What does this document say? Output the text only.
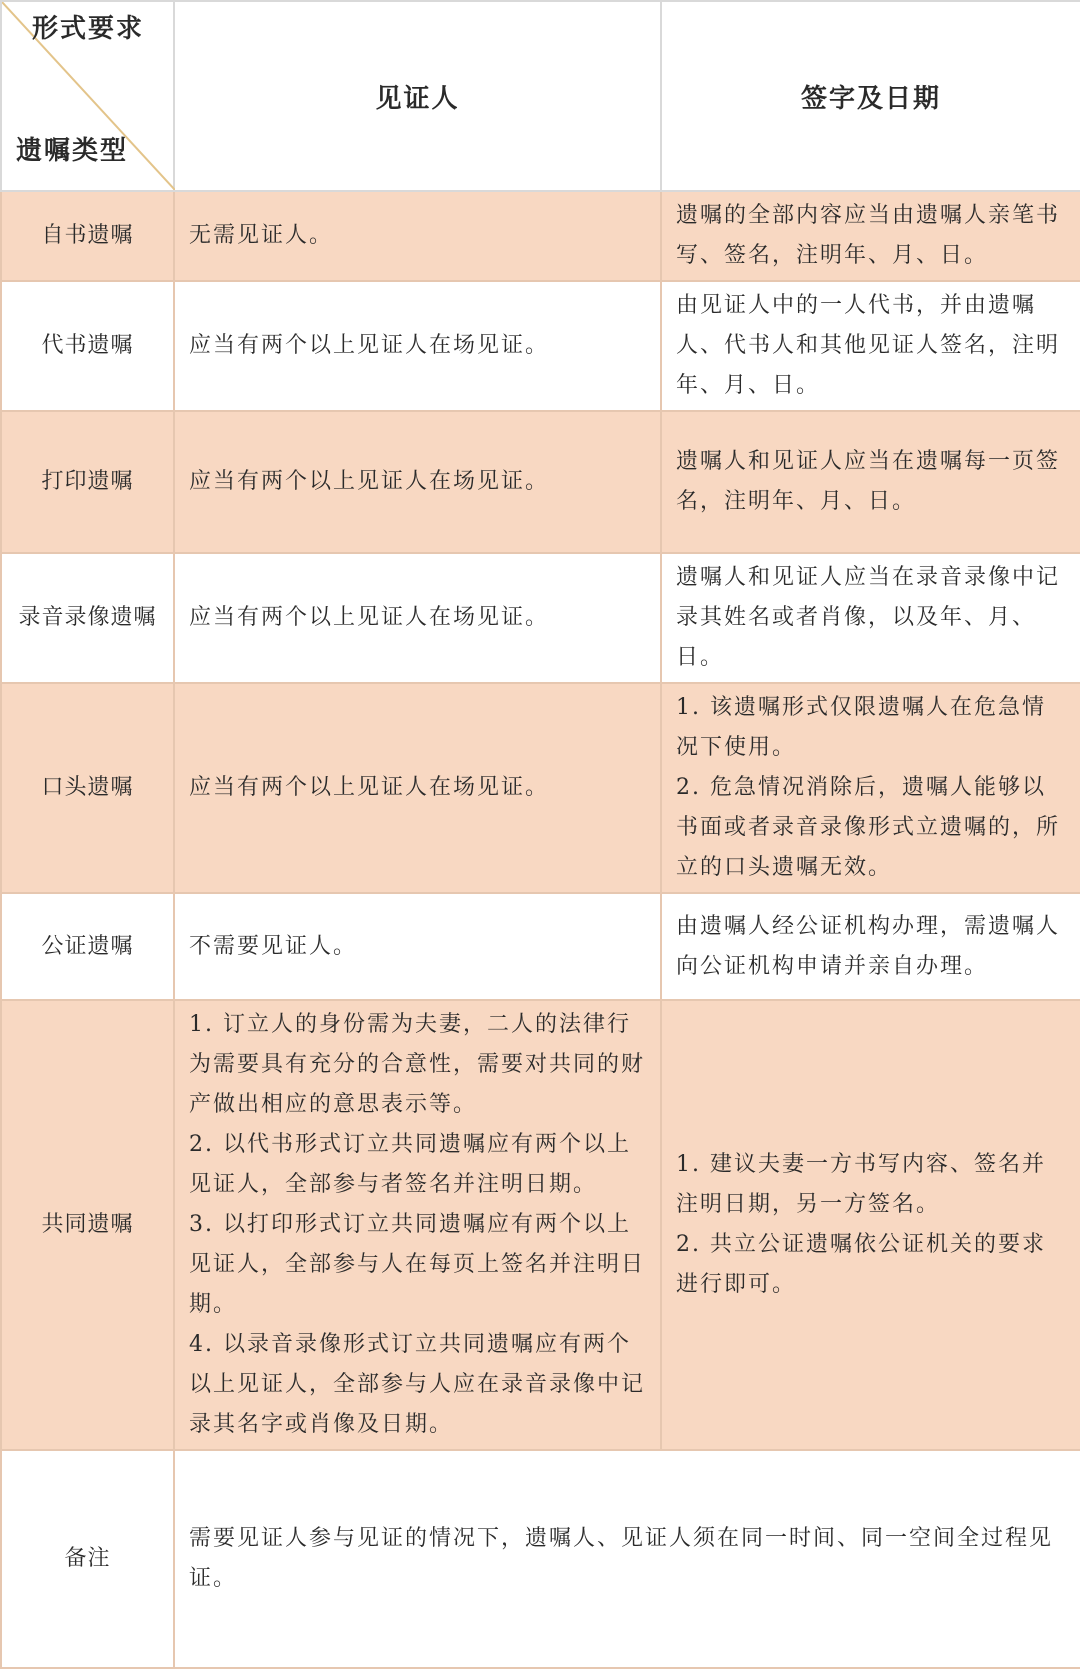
形式要求
遗嘱类型	见证人	签字及日期
自书遗嘱	无需见证人。	遗嘱的全部内容应当由遗嘱人亲笔书写、签名，注明年、月、日。

代书遗嘱	应当有两个以上见证人在场见证。	由见证人中的一人代书，并由遗嘱人、代书人和其他见证人签名，注明年、月、日。

打印遗嘱	应当有两个以上见证人在场见证。	遗嘱人和见证人应当在遗嘱每一页签名，注明年、月、日。

录音录像遗嘱	应当有两个以上见证人在场见证。	遗嘱人和见证人应当在录音录像中记录其姓名或者肖像，以及年、月、日。

口头遗嘱	应当有两个以上见证人在场见证。	1. 该遗嘱形式仅限遗嘱人在危急情况下使用。
2. 危急情况消除后，遗嘱人能够以书面或者录音录像形式立遗嘱的，所立的口头遗嘱无效。

公证遗嘱	不需要见证人。	由遗嘱人经公证机构办理，需遗嘱人向公证机构申请并亲自办理。

共同遗嘱	1. 订立人的身份需为夫妻，二人的法律行为需要具有充分的合意性，需要对共同的财产做出相应的意思表示等。
2. 以代书形式订立共同遗嘱应有两个以上见证人，全部参与者签名并注明日期。
3. 以打印形式订立共同遗嘱应有两个以上见证人，全部参与人在每页上签名并注明日期。
4. 以录音录像形式订立共同遗嘱应有两个以上见证人，全部参与人应在录音录像中记录其名字或肖像及日期。	1. 建议夫妻一方书写内容、签名并注明日期，另一方签名。
2. 共立公证遗嘱依公证机关的要求进行即可。

备注	需要见证人参与见证的情况下，遗嘱人、见证人须在同一时间、同一空间全过程见证。	
